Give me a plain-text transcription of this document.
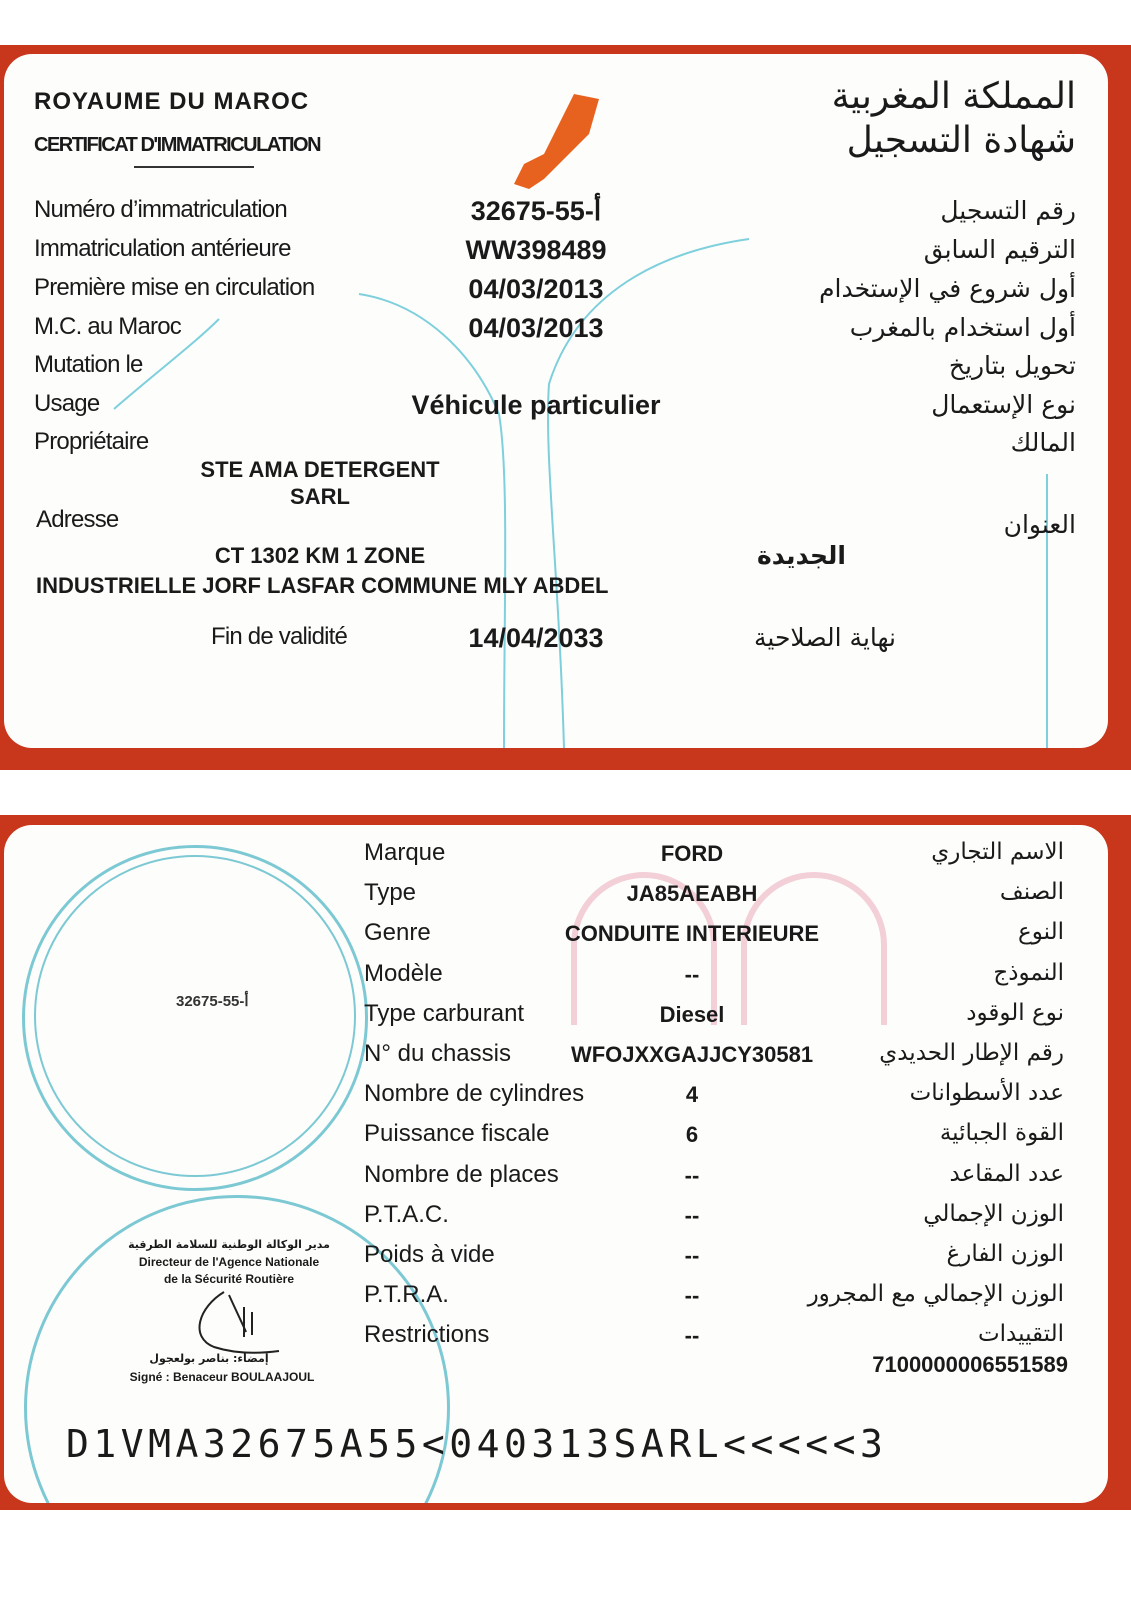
ROYAUME DU MAROC
CERTIFICAT D'IMMATRICULATION
المملكة المغربية
شهادة التسجيل
Numéro d’immatriculation	32675-أ-55	رقم التسجيل
Immatriculation antérieure	WW398489	الترقيم السابق
Première mise en circulation	04/03/2013	أول شروع في الإستخدام
M.C. au Maroc	04/03/2013	أول استخدام بالمغرب
Mutation le	تحويل بتاريخ
Usage	Véhicule particulier	نوع الإستعمال
Propriétaire	المالك
STE AMA DETERGENT
SARL
Adresse	العنوان
CT 1302 KM 1 ZONE
INDUSTRIELLE JORF LASFAR COMMUNE MLY ABDEL
الجديدة
Fin de validité	14/04/2033	نهاية الصلاحية
32675-أ-55
Marque	FORD	الاسم التجاري
Type	JA85AEABH	الصنف
Genre	CONDUITE INTERIEURE	النوع
Modèle	--	النموذج
Type carburant	Diesel	نوع الوقود
N° du chassis	WFOJXXGAJJCY30581	رقم الإطار الحديدي
Nombre de cylindres	4	عدد الأسطوانات
Puissance fiscale	6	القوة الجبائية
Nombre de places	--	عدد المقاعد
P.T.A.C.	--	الوزن الإجمالي
Poids à vide	--	الوزن الفارغ
P.T.R.A.	--	الوزن الإجمالي مع المجرور
Restrictions	--	التقييدات
7100000006551589
مدير الوكالة الوطنية للسلامة الطرقية
Directeur de l'Agence Nationale
de la Sécurité Routière
إمضاء: بناصر بولعجول
Signé : Benaceur BOULAAJOUL
D1VMA32675A55<040313SARL<<<<<3
